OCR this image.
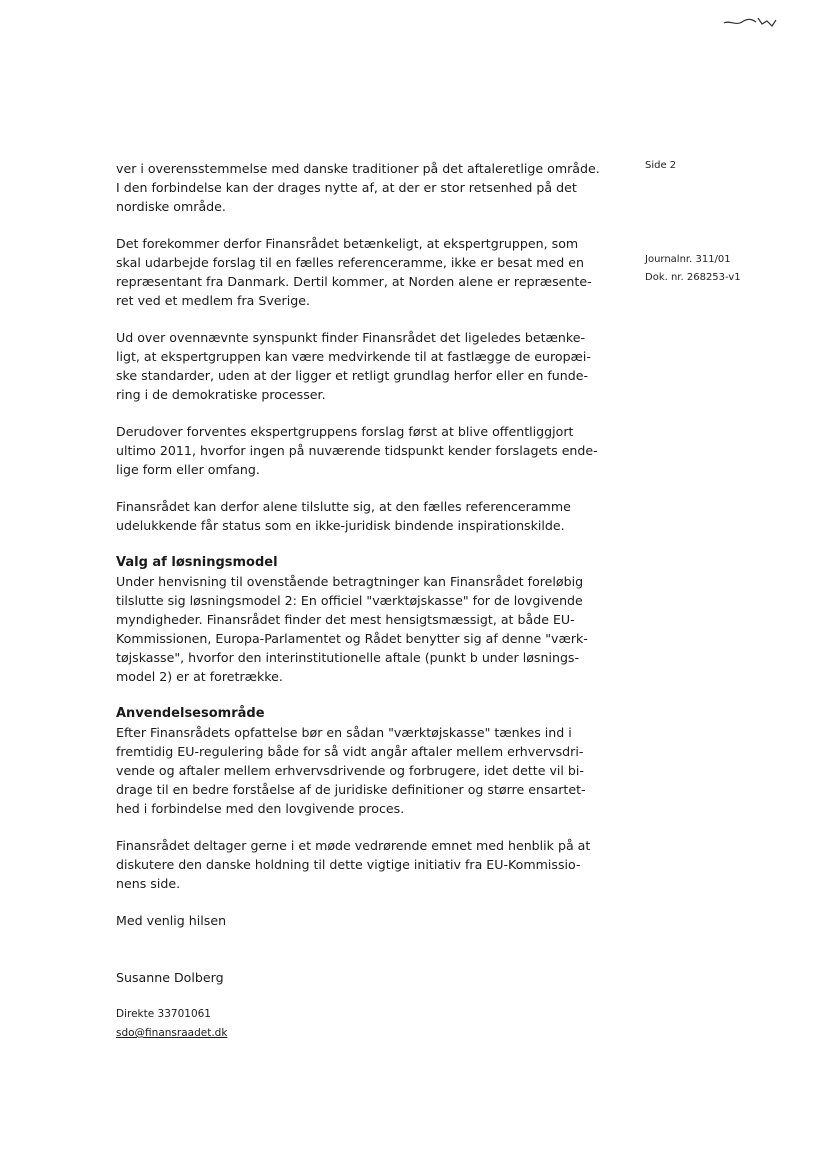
Side 2
Journalnr. 311/01
Dok. nr. 268253-v1

ver i overensstemmelse med danske traditioner på det aftaleretlige område. I den forbindelse kan der drages nytte af, at der er stor retsenhed på det nordiske område.

Det forekommer derfor Finansrådet betænkeligt, at ekspertgruppen, som skal udarbejde forslag til en fælles referenceramme, ikke er besat med en repræsentant fra Danmark. Dertil kommer, at Norden alene er repræsente-ret ved et medlem fra Sverige.

Ud over ovennævnte synspunkt finder Finansrådet det ligeledes betænke-ligt, at ekspertgruppen kan være medvirkende til at fastlægge de europæi-ske standarder, uden at der ligger et retligt grundlag herfor eller en funde-ring i de demokratiske processer.

Derudover forventes ekspertgruppens forslag først at blive offentliggjort ultimo 2011, hvorfor ingen på nuværende tidspunkt kender forslagets ende-lige form eller omfang.

Finansrådet kan derfor alene tilslutte sig, at den fælles referenceramme udelukkende får status som en ikke-juridisk bindende inspirationskilde.

Valg af løsningsmodel

Under henvisning til ovenstående betragtninger kan Finansrådet foreløbig tilslutte sig løsningsmodel 2: En officiel "værktøjskasse" for de lovgivende myndigheder. Finansrådet finder det mest hensigtsmæssigt, at både EU-Kommissionen, Europa-Parlamentet og Rådet benytter sig af denne "værk-tøjskasse", hvorfor den interinstitutionelle aftale (punkt b under løsnings-model 2) er at foretrække.

Anvendelsesområde

Efter Finansrådets opfattelse bør en sådan "værktøjskasse" tænkes ind i fremtidig EU-regulering både for så vidt angår aftaler mellem erhvervsdri-vende og aftaler mellem erhvervsdrivende og forbrugere, idet dette vil bi-drage til en bedre forståelse af de juridiske definitioner og større ensartet-hed i forbindelse med den lovgivende proces.

Finansrådet deltager gerne i et møde vedrørende emnet med henblik på at diskutere den danske holdning til dette vigtige initiativ fra EU-Kommissio-nens side.

Med venlig hilsen

Susanne Dolberg

Direkte 33701061

sdo@finansraadet.dk
